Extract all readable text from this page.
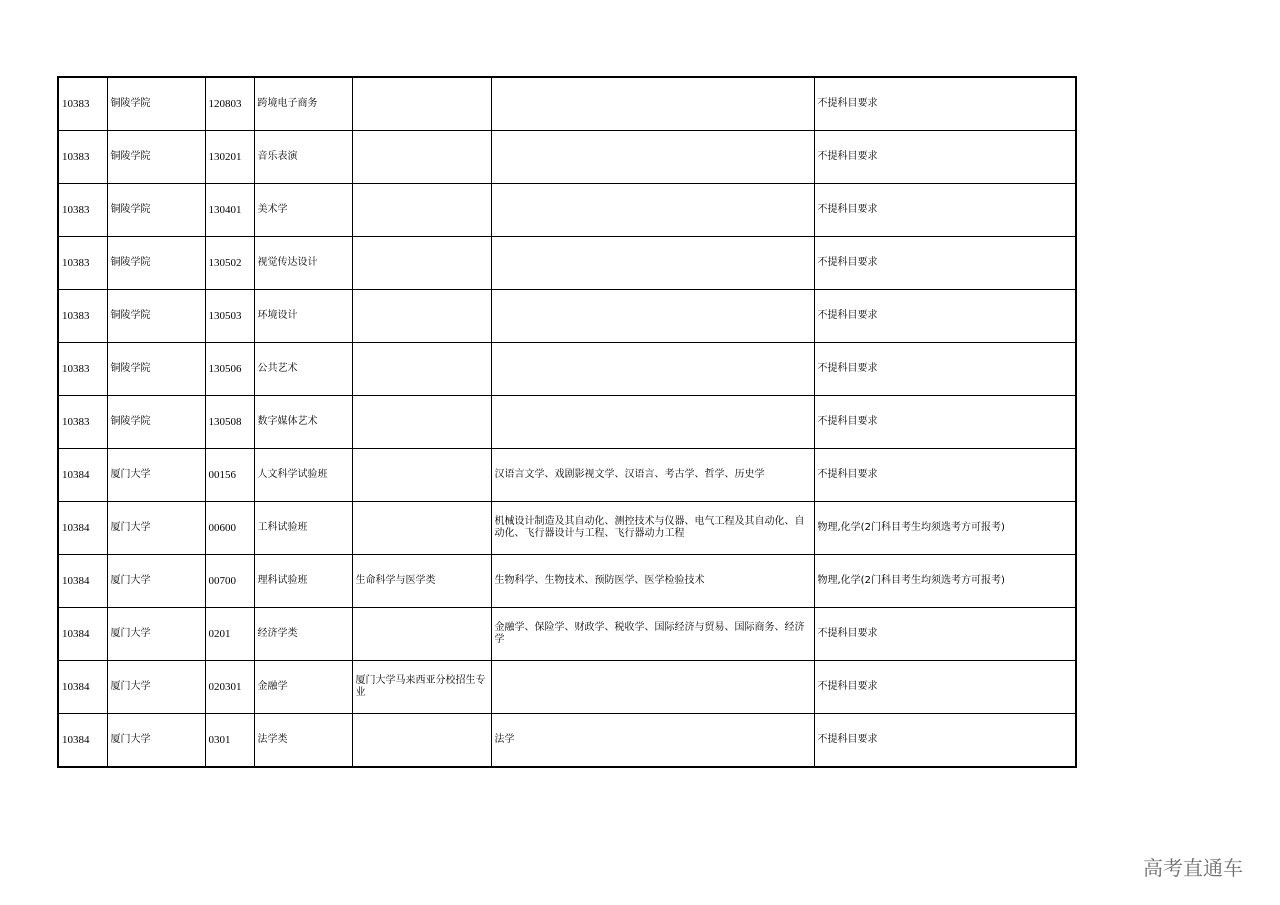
10383	铜陵学院	120803	跨境电子商务			不提科目要求
10383	铜陵学院	130201	音乐表演			不提科目要求
10383	铜陵学院	130401	美术学			不提科目要求
10383	铜陵学院	130502	视觉传达设计			不提科目要求
10383	铜陵学院	130503	环境设计			不提科目要求
10383	铜陵学院	130506	公共艺术			不提科目要求
10383	铜陵学院	130508	数字媒体艺术			不提科目要求
10384	厦门大学	00156	人文科学试验班		汉语言文学、戏剧影视文学、汉语言、考古学、哲学、历史学	不提科目要求
10384	厦门大学	00600	工科试验班		机械设计制造及其自动化、测控技术与仪器、电气工程及其自动化、自动化、飞行器设计与工程、飞行器动力工程	物理,化学(2门科目考生均须选考方可报考)
10384	厦门大学	00700	理科试验班	生命科学与医学类	生物科学、生物技术、预防医学、医学检验技术	物理,化学(2门科目考生均须选考方可报考)
10384	厦门大学	0201	经济学类		金融学、保险学、财政学、税收学、国际经济与贸易、国际商务、经济学	不提科目要求
10384	厦门大学	020301	金融学	厦门大学马来西亚分校招生专业		不提科目要求
10384	厦门大学	0301	法学类		法学	不提科目要求
高考直通车
